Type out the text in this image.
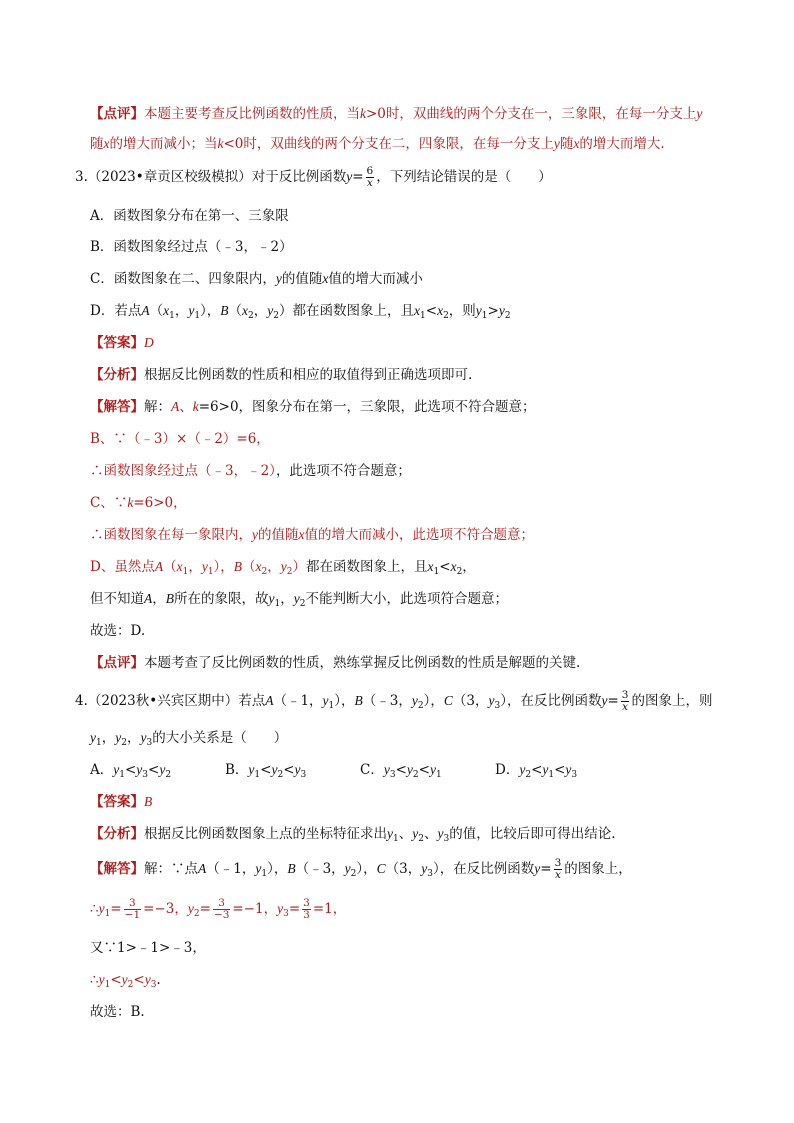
【点评】本题主要考查反比例函数的性质，当k>0时，双曲线的两个分支在一，三象限，在每一分支上y
随x的增大而减小；当k<0时，双曲线的两个分支在二，四象限，在每一分支上y随x的增大而增大.
3.（2023•章贡区校级模拟）对于反比例函数$y= \frac{6}{x}$ ，下列结论错误的是（　　）
A．函数图象分布在第一、三象限
B．函数图象经过点（﹣3，﹣2）
C．函数图象在二、四象限内，y的值随x值的增大而减小
D．若点$A(x_1$，$y_1$），$B(x_2$，$y_2$）都在函数图象上，且$x_1<x_2$，则$y_1>y_2$
【答案】D
【分析】根据反比例函数的性质和相应的取值得到正确选项即可.
【解答】解：A、k=6>0，图象分布在第一，三象限，此选项不符合题意；
B、∵（﹣3）×（﹣2）=6，
∴函数图象经过点（﹣3，﹣2），此选项不符合题意；
C、∵k=6>0，
∴函数图象在每一象限内，y的值随x值的增大而减小，此选项不符合题意；
D、虽然点$A(x_1$，$y_1$），$B(x_2$，$y_2$）都在函数图象上，且$x_1<x_2$，
但不知道A，B所在的象限，故$y_1$，$y_2$不能判断大小，此选项符合题意；
故选：D.
【点评】本题考查了反比例函数的性质，熟练掌握反比例函数的性质是解题的关键.
4.（2023秋•兴宾区期中）若点A（﹣1，$y_1$），B（﹣3，$y_2$），C（3，$y_3$），在反比例函数$y= \frac{3}{x}$ 的图象上，则
$y_1$，$y_2$，$y_3$的大小关系是（　　）
A．$y_1<y_3<y_2$	B．$y_1<y_2<y_3$	C．$y_3<y_2<y_1$	D．$y_2<y_1<y_3$
【答案】B
【分析】根据反比例函数图象上点的坐标特征求出$y_1$、$y_2$、$y_3$的值，比较后即可得出结论.
【解答】解：∵点A（﹣1，$y_1$），B（﹣3，$y_2$），C（3，$y_3$），在反比例函数$y= \frac{3}{x}$ 的图象上，
$\therefore y_1= \frac{3}{-1} =-3$，$y_2= \frac{3}{-3} =-1$，$y_3= \frac{3}{3} =1$，
又∵1>﹣1>﹣3，
$\therefore y_1<y_2<y_3$.
故选：B.
